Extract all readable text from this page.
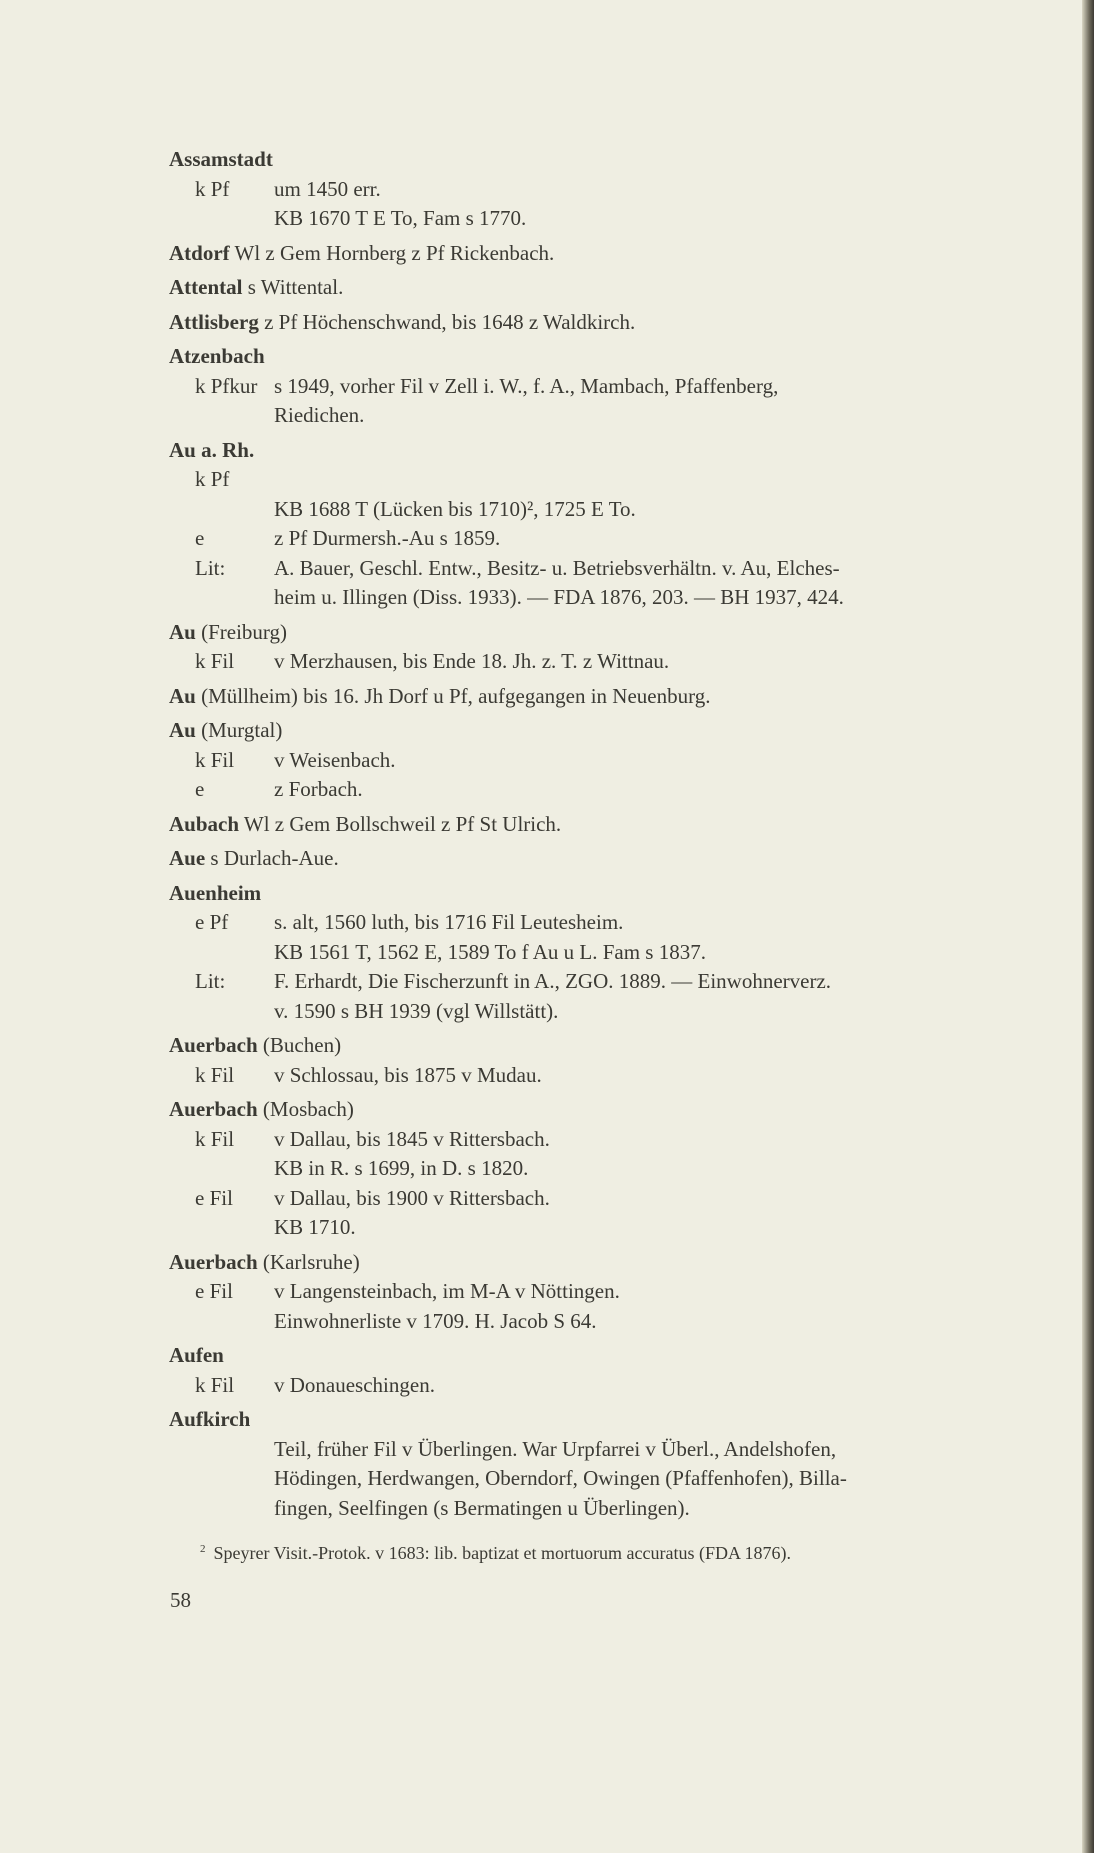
Assamstadt
k Pf um 1450 err.
KB 1670 T E To, Fam s 1770.
Atdorf Wl z Gem Hornberg z Pf Rickenbach.
Attental s Wittental.
Attlisberg z Pf Höchenschwand, bis 1648 z Waldkirch.
Atzenbach
k Pfkur s 1949, vorher Fil v Zell i. W., f. A., Mambach, Pfaffenberg,
Riedichen.
Au a. Rh.
k Pf
KB 1688 T (Lücken bis 1710)², 1725 E To.
e	z Pf Durmersh.-Au s 1859.
Lit: A. Bauer, Geschl. Entw., Besitz- u. Betriebsverhältn. v. Au, Elches-
heim u. Illingen (Diss. 1933). — FDA 1876, 203. — BH 1937, 424.
Au (Freiburg)
k Fil v Merzhausen, bis Ende 18. Jh. z. T. z Wittnau.
Au (Müllheim) bis 16. Jh Dorf u Pf, aufgegangen in Neuenburg.
Au (Murgtal)
k Fil v Weisenbach.
e	z Forbach.
Aubach Wl z Gem Bollschweil z Pf St Ulrich.
Aue s Durlach-Aue.
Auenheim
e Pf s. alt, 1560 luth, bis 1716 Fil Leutesheim.
KB 1561 T, 1562 E, 1589 To f Au u L. Fam s 1837.
Lit: F. Erhardt, Die Fischerzunft in A., ZGO. 1889. — Einwohnerverz.
v. 1590 s BH 1939 (vgl Willstätt).
Auerbach (Buchen)
k Fil v Schlossau, bis 1875 v Mudau.
Auerbach (Mosbach)
k Fil v Dallau, bis 1845 v Rittersbach.
KB in R. s 1699, in D. s 1820.
e Fil v Dallau, bis 1900 v Rittersbach.
KB 1710.
Auerbach (Karlsruhe)
e Fil v Langensteinbach, im M-A v Nöttingen.
Einwohnerliste v 1709. H. Jacob S 64.
Aufen
k Fil v Donaueschingen.
Aufkirch
Teil, früher Fil v Überlingen. War Urpfarrei v Überl., Andelshofen,
Hödingen, Herdwangen, Oberndorf, Owingen (Pfaffenhofen), Billa-
fingen, Seelfingen (s Bermatingen u Überlingen).
$^2$ Speyrer Visit.-Protok. v 1683: lib. baptizat et mortuorum accuratus (FDA 1876).
58
